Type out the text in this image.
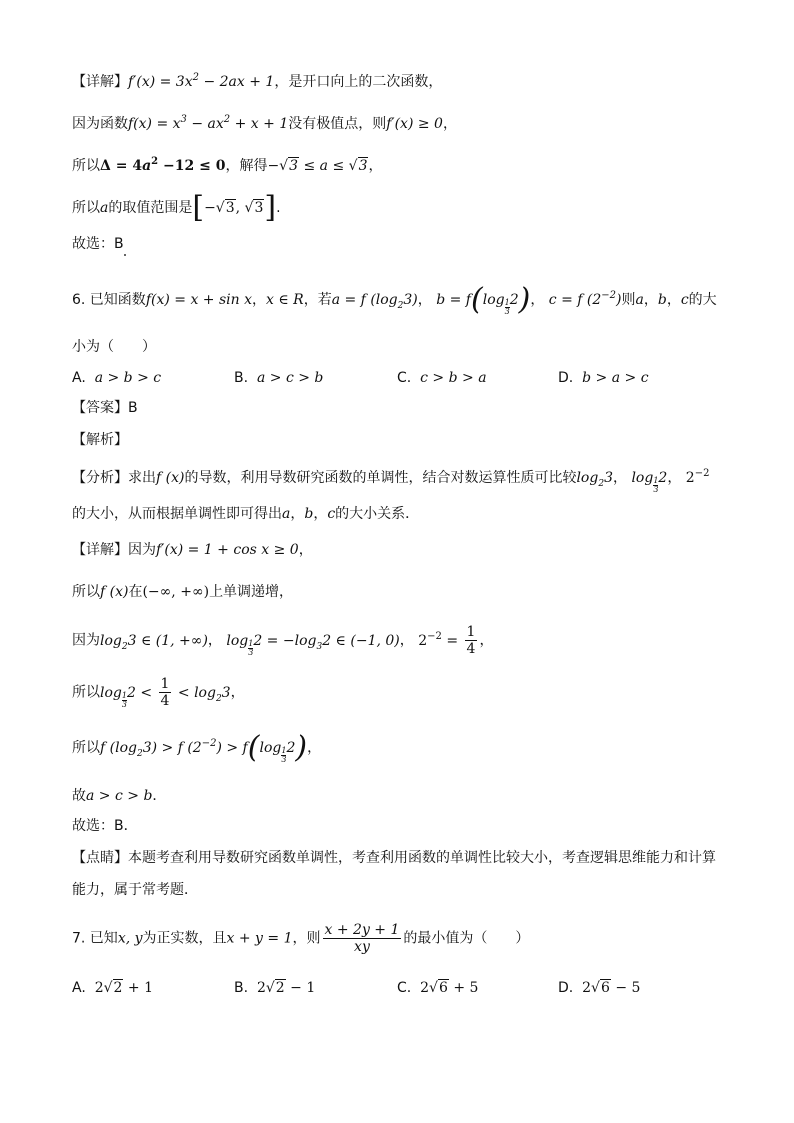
【详解】$f'(x) = 3x^2 - 2ax + 1$，是开口向上的二次函数，
因为函数$f(x) = x^3 - ax^2 + x + 1$没有极值点，则f′(x) ≥ 0，
所以$\Delta = 4a^2 -12 \le 0$，解得−√3 ≤ a ≤ √3，
所以a的取值范围是[−√3, √3].
故选：B
6. 已知函数f(x) = x + sin x，x ∈ R，若a = f $(\log_23)$， $b = f(\log \frac{1}{3} 2)$， c = f $(2^{-2})$则a，b，c的大
小为（　　）
A. a > b > c	B. a > c > b	C. c > b > a	D. b > a > c
【答案】B
【解析】
【分析】求出f (x)的导数，利用导数研究函数的单调性，结合对数运算性质可比较$\log_23$， $\log \frac{1}{3} 2$， $2^{-2}$
的大小，从而根据单调性即可得出a，b，c的大小关系．
【详解】因为f′(x) = 1 + cos x ≥ 0，
所以f (x)在(−∞, +∞)上单调递增，
因为$\log_23$ ∈ (1, +∞)， $\log \frac{1}{3} 2 = -\log_32$ ∈ (−1, 0)， $2^{-2} = \frac{1}{4}$ ，
所以$\log \frac{1}{3} 2 < \frac{1}{4} < \log_23$，
所以f $(\log_23) > f$ $(2^{-2}) > f(\log \frac{1}{3} 2)$，
故a > c > b．
故选：B．
【点睛】本题考查利用导数研究函数单调性，考查利用函数的单调性比较大小，考查逻辑思维能力和计算
能力，属于常考题．
7. 已知x, y为正实数，且x + y = 1，则 $\frac{x + 2y + 1}{xy}$ 的最小值为（　　）
A. 2√2 + 1	B. 2√2 − 1	C. 2√6 + 5	D. 2√6 − 5
